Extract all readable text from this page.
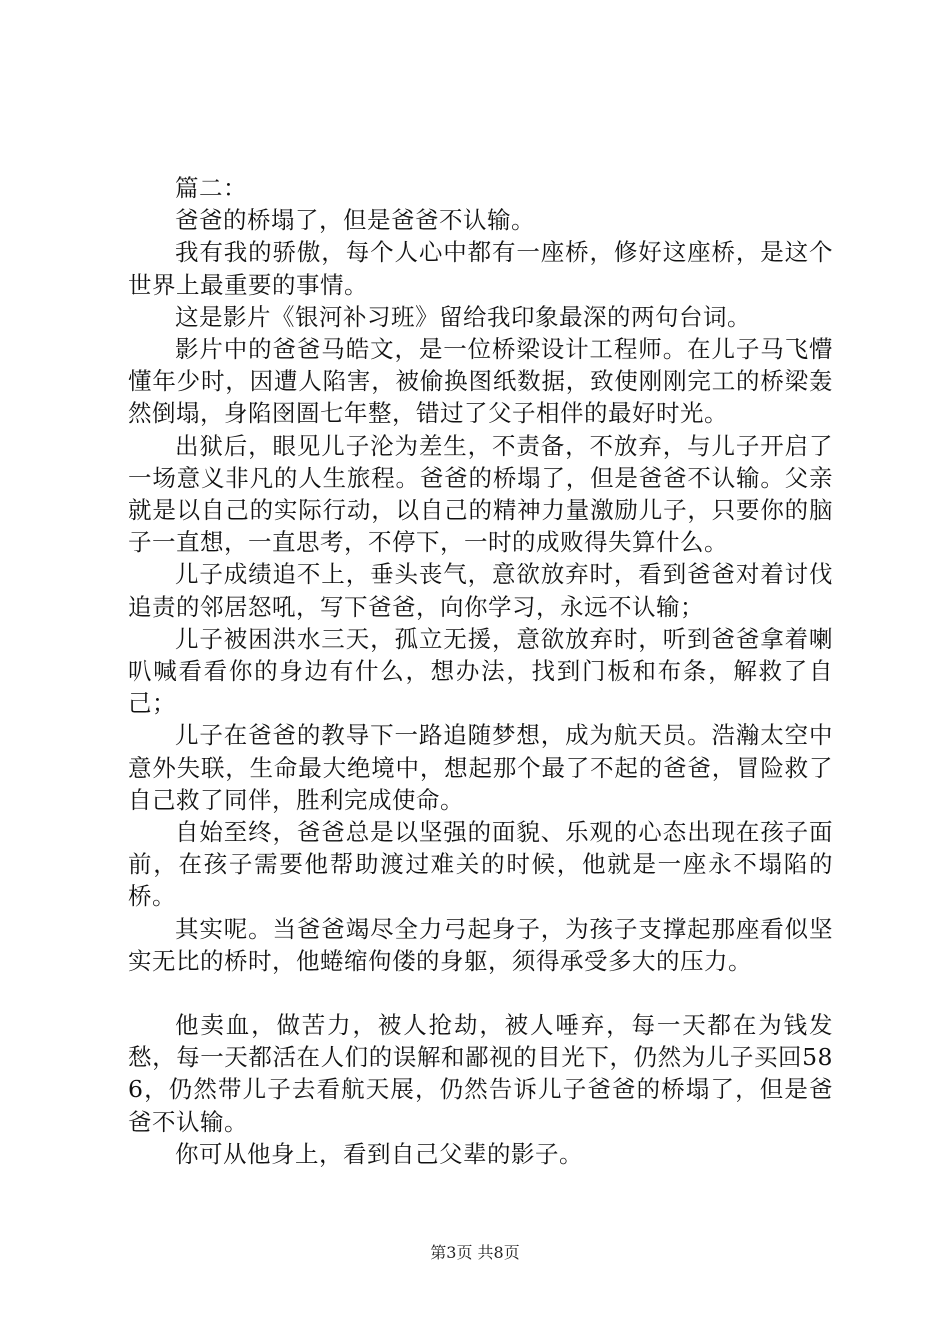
篇二：

爸爸的桥塌了，但是爸爸不认输。

我有我的骄傲，每个人心中都有一座桥，修好这座桥，是这个世界上最重要的事情。

这是影片《银河补习班》留给我印象最深的两句台词。

影片中的爸爸马皓文，是一位桥梁设计工程师。在儿子马飞懵懂年少时，因遭人陷害，被偷换图纸数据，致使刚刚完工的桥梁轰然倒塌，身陷囹圄七年整，错过了父子相伴的最好时光。

出狱后，眼见儿子沦为差生，不责备，不放弃，与儿子开启了一场意义非凡的人生旅程。爸爸的桥塌了，但是爸爸不认输。父亲就是以自己的实际行动，以自己的精神力量激励儿子，只要你的脑子一直想，一直思考，不停下，一时的成败得失算什么。

儿子成绩追不上，垂头丧气，意欲放弃时，看到爸爸对着讨伐追责的邻居怒吼，写下爸爸，向你学习，永远不认输；

儿子被困洪水三天，孤立无援，意欲放弃时，听到爸爸拿着喇叭喊看看你的身边有什么，想办法，找到门板和布条，解救了自己；

儿子在爸爸的教导下一路追随梦想，成为航天员。浩瀚太空中意外失联，生命最大绝境中，想起那个最了不起的爸爸，冒险救了自己救了同伴，胜利完成使命。

自始至终，爸爸总是以坚强的面貌、乐观的心态出现在孩子面前，在孩子需要他帮助渡过难关的时候，他就是一座永不塌陷的桥。

其实呢。当爸爸竭尽全力弓起身子，为孩子支撑起那座看似坚实无比的桥时，他蜷缩佝偻的身躯，须得承受多大的压力。

他卖血，做苦力，被人抢劫，被人唾弃，每一天都在为钱发愁，每一天都活在人们的误解和鄙视的目光下，仍然为儿子买回586，仍然带儿子去看航天展，仍然告诉儿子爸爸的桥塌了，但是爸爸不认输。

你可从他身上，看到自己父辈的影子。

第3页 共8页
